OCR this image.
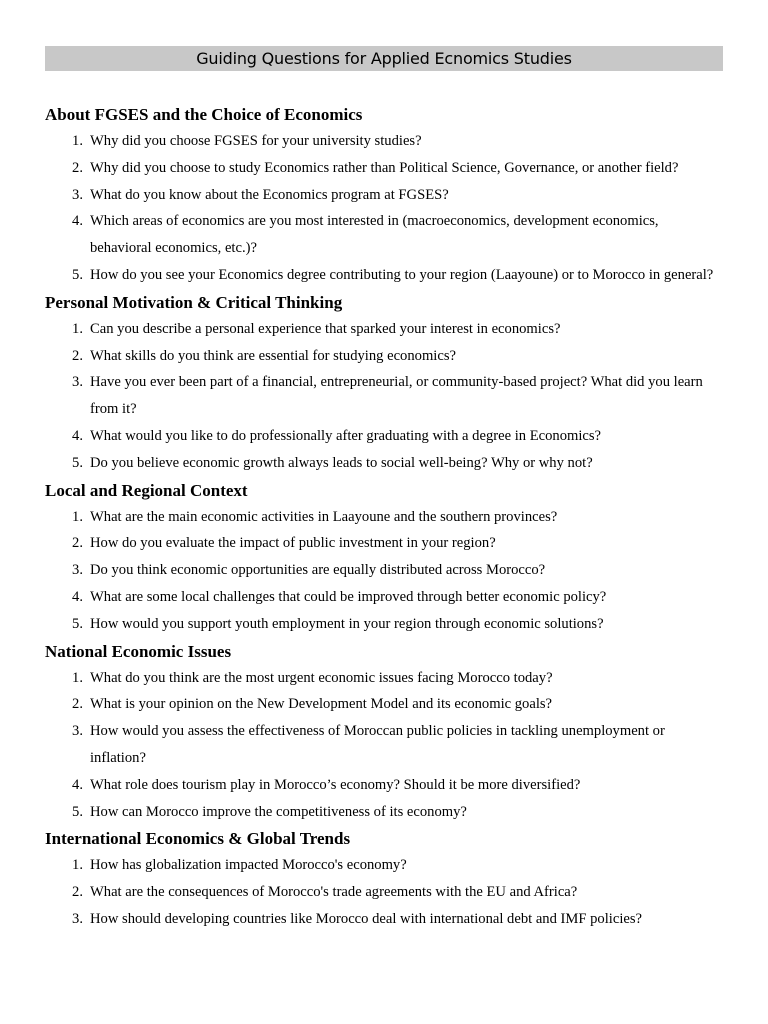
Guiding Questions for Applied Ecnomics Studies
About FGSES and the Choice of Economics
1. Why did you choose FGSES for your university studies?
2. Why did you choose to study Economics rather than Political Science, Governance, or another field?
3. What do you know about the Economics program at FGSES?
4. Which areas of economics are you most interested in (macroeconomics, development economics, behavioral economics, etc.)?
5. How do you see your Economics degree contributing to your region (Laayoune) or to Morocco in general?
Personal Motivation & Critical Thinking
1. Can you describe a personal experience that sparked your interest in economics?
2. What skills do you think are essential for studying economics?
3. Have you ever been part of a financial, entrepreneurial, or community-based project? What did you learn from it?
4. What would you like to do professionally after graduating with a degree in Economics?
5. Do you believe economic growth always leads to social well-being? Why or why not?
Local and Regional Context
1. What are the main economic activities in Laayoune and the southern provinces?
2. How do you evaluate the impact of public investment in your region?
3. Do you think economic opportunities are equally distributed across Morocco?
4. What are some local challenges that could be improved through better economic policy?
5. How would you support youth employment in your region through economic solutions?
National Economic Issues
1. What do you think are the most urgent economic issues facing Morocco today?
2. What is your opinion on the New Development Model and its economic goals?
3. How would you assess the effectiveness of Moroccan public policies in tackling unemployment or inflation?
4. What role does tourism play in Morocco’s economy? Should it be more diversified?
5. How can Morocco improve the competitiveness of its economy?
International Economics & Global Trends
1. How has globalization impacted Morocco's economy?
2. What are the consequences of Morocco's trade agreements with the EU and Africa?
3. How should developing countries like Morocco deal with international debt and IMF policies?
